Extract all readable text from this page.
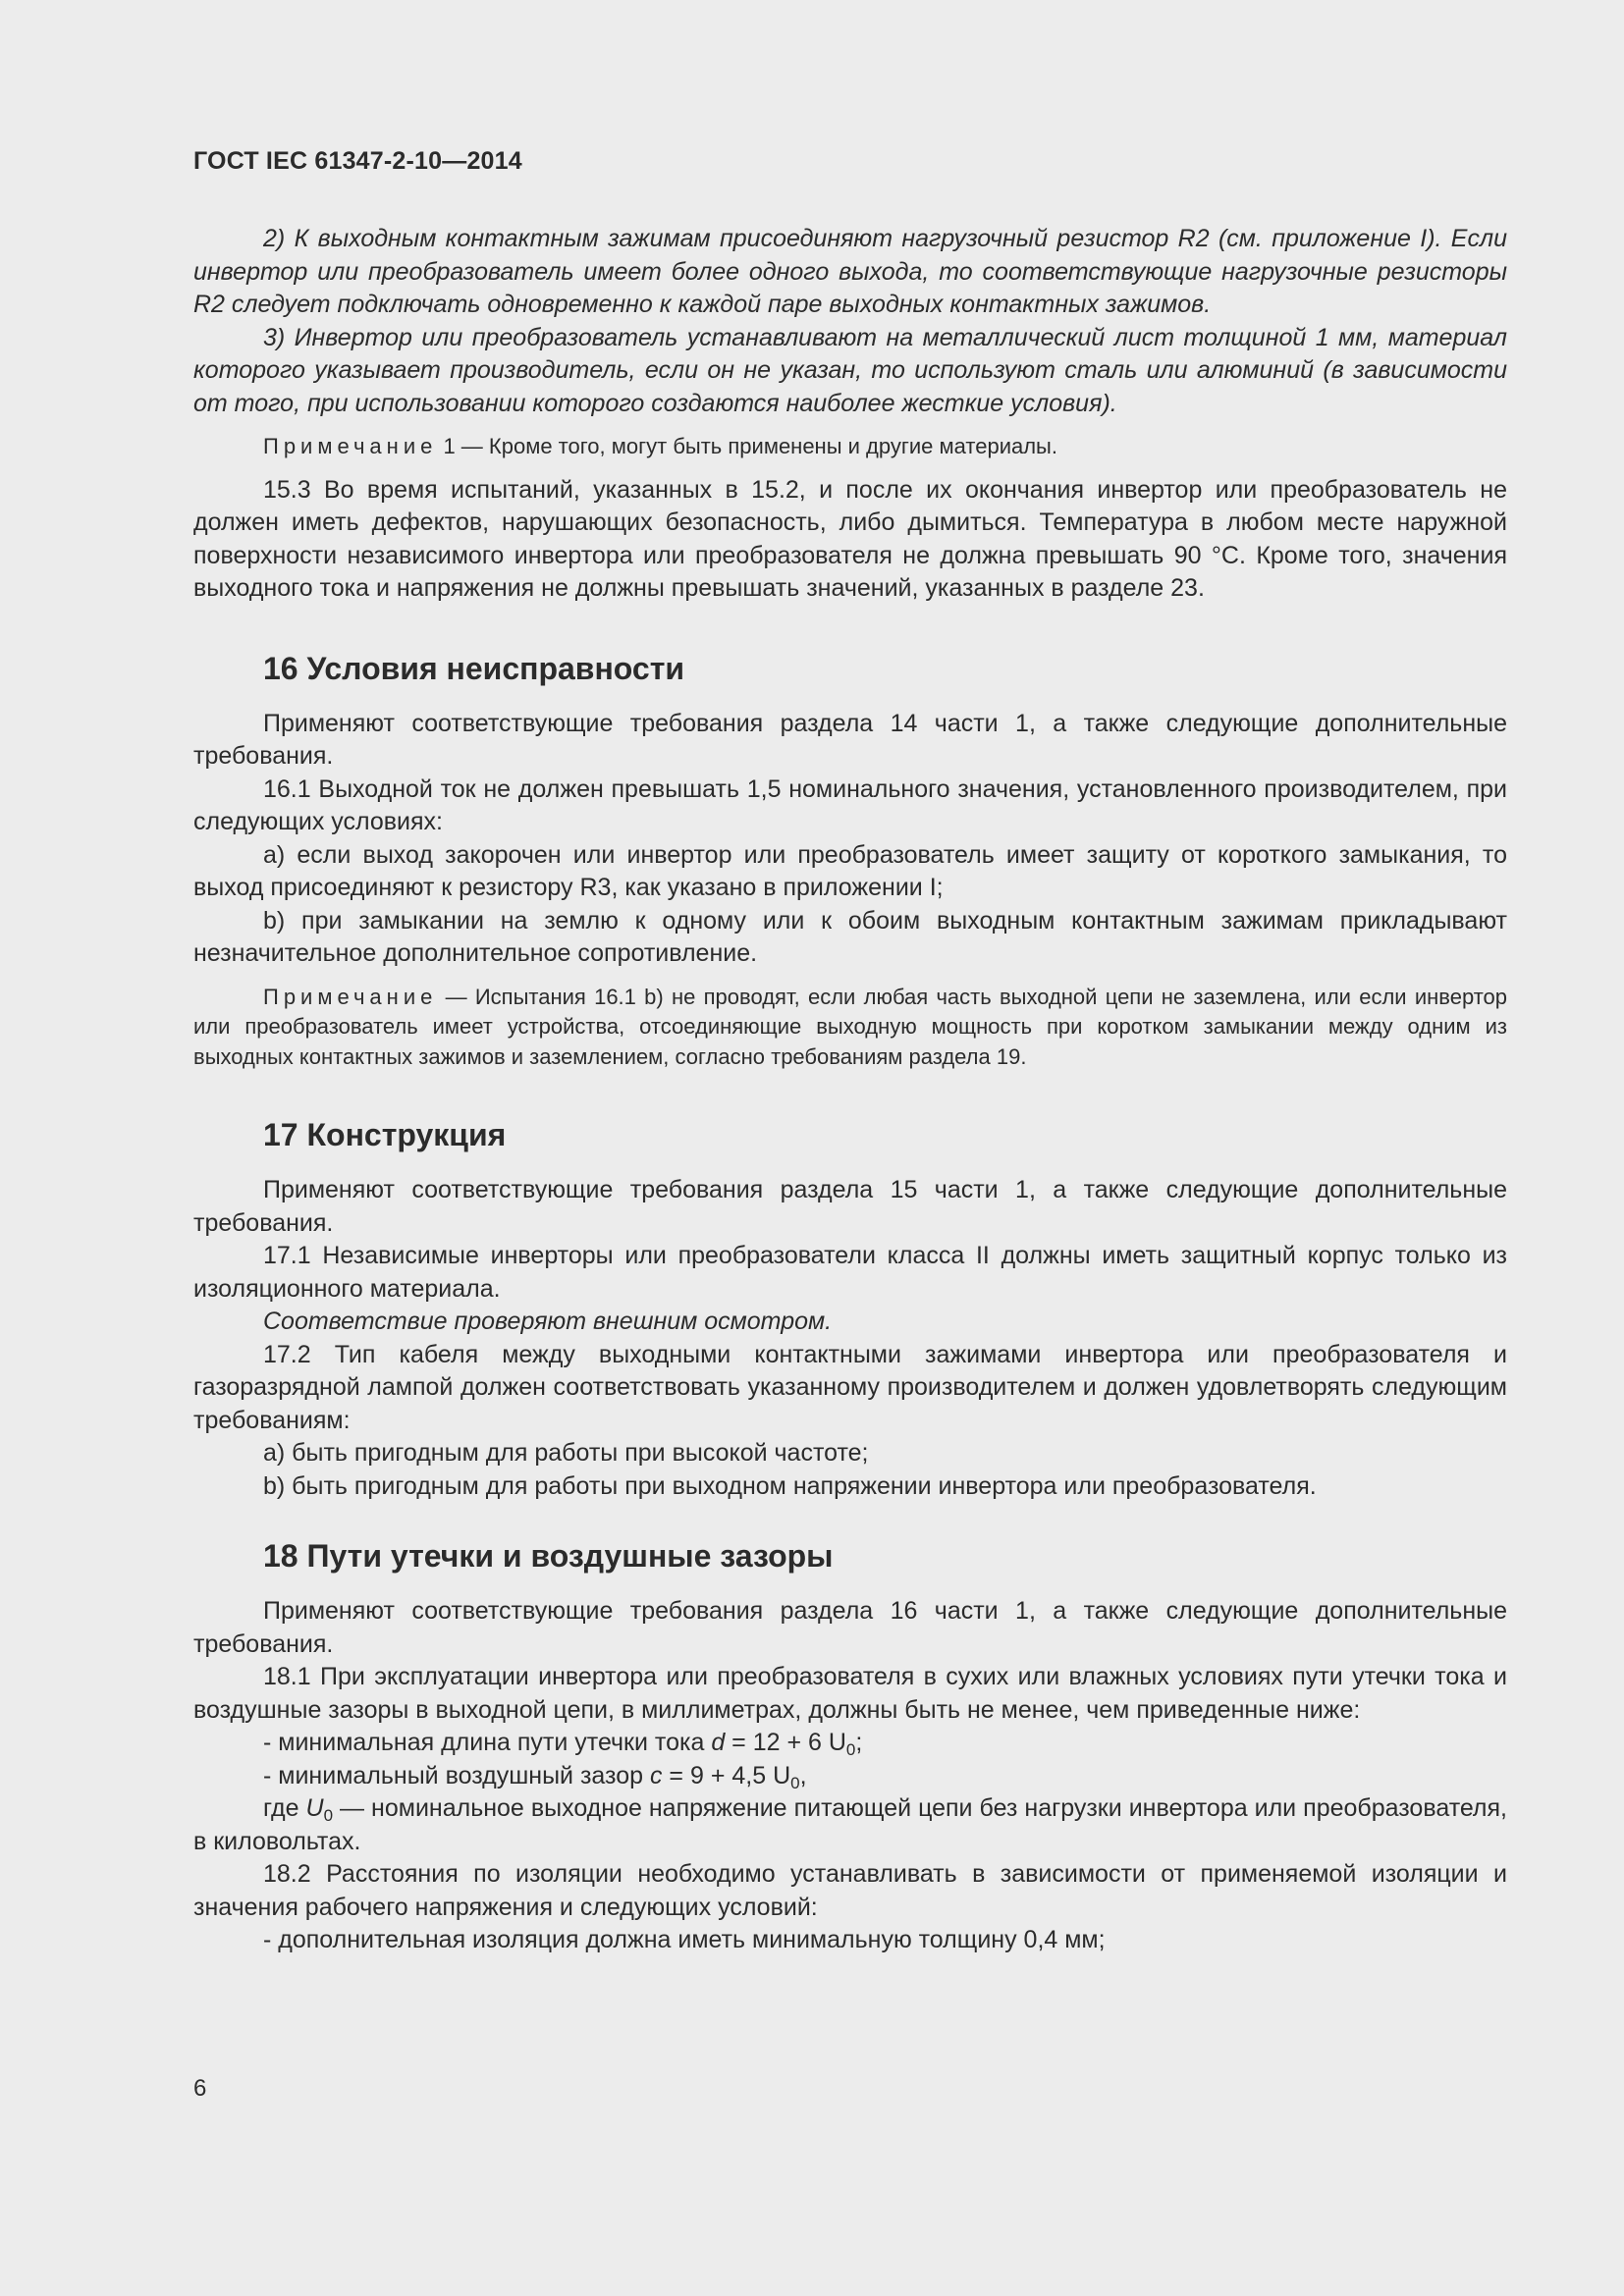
ГОСТ IEC 61347-2-10—2014

2) К выходным контактным зажимам присоединяют нагрузочный резистор R2 (см. приложение I). Если инвертор или преобразователь имеет более одного выхода, то соответствующие нагрузочные резисторы R2 следует подключать одновременно к каждой паре выходных контактных зажимов.

3) Инвертор или преобразователь устанавливают на металлический лист толщиной 1 мм, материал которого указывает производитель, если он не указан, то используют сталь или алюминий (в зависимости от того, при использовании которого создаются наиболее жесткие условия).

Примечание 1 — Кроме того, могут быть применены и другие материалы.

15.3 Во время испытаний, указанных в 15.2, и после их окончания инвертор или преобразователь не должен иметь дефектов, нарушающих безопасность, либо дымиться. Температура в любом месте наружной поверхности независимого инвертора или преобразователя не должна превышать 90 °С. Кроме того, значения выходного тока и напряжения не должны превышать значений, указанных в разделе 23.

16 Условия неисправности

Применяют соответствующие требования раздела 14 части 1, а также следующие дополнительные требования.

16.1 Выходной ток не должен превышать 1,5 номинального значения, установленного производителем, при следующих условиях:

a) если выход закорочен или инвертор или преобразователь имеет защиту от короткого замыкания, то выход присоединяют к резистору R3, как указано в приложении I;

b) при замыкании на землю к одному или к обоим выходным контактным зажимам прикладывают незначительное дополнительное сопротивление.

Примечание — Испытания 16.1 b) не проводят, если любая часть выходной цепи не заземлена, или если инвертор или преобразователь имеет устройства, отсоединяющие выходную мощность при коротком замыкании между одним из выходных контактных зажимов и заземлением, согласно требованиям раздела 19.

17 Конструкция

Применяют соответствующие требования раздела 15 части 1, а также следующие дополнительные требования.

17.1 Независимые инверторы или преобразователи класса II должны иметь защитный корпус только из изоляционного материала.

Соответствие проверяют внешним осмотром.

17.2 Тип кабеля между выходными контактными зажимами инвертора или преобразователя и газоразрядной лампой должен соответствовать указанному производителем и должен удовлетворять следующим требованиям:

a) быть пригодным для работы при высокой частоте;

b) быть пригодным для работы при выходном напряжении инвертора или преобразователя.

18 Пути утечки и воздушные зазоры

Применяют соответствующие требования раздела 16 части 1, а также следующие дополнительные требования.

18.1 При эксплуатации инвертора или преобразователя в сухих или влажных условиях пути утечки тока и воздушные зазоры в выходной цепи, в миллиметрах, должны быть не менее, чем приведенные ниже:

- минимальная длина пути утечки тока d = 12 + 6 $U_0$;

- минимальный воздушный зазор c = 9 + 4,5 $U_0$,

где $U_0$ — номинальное выходное напряжение питающей цепи без нагрузки инвертора или преобразователя, в киловольтах.

18.2 Расстояния по изоляции необходимо устанавливать в зависимости от применяемой изоляции и значения рабочего напряжения и следующих условий:

- дополнительная изоляция должна иметь минимальную толщину 0,4 мм;

6
